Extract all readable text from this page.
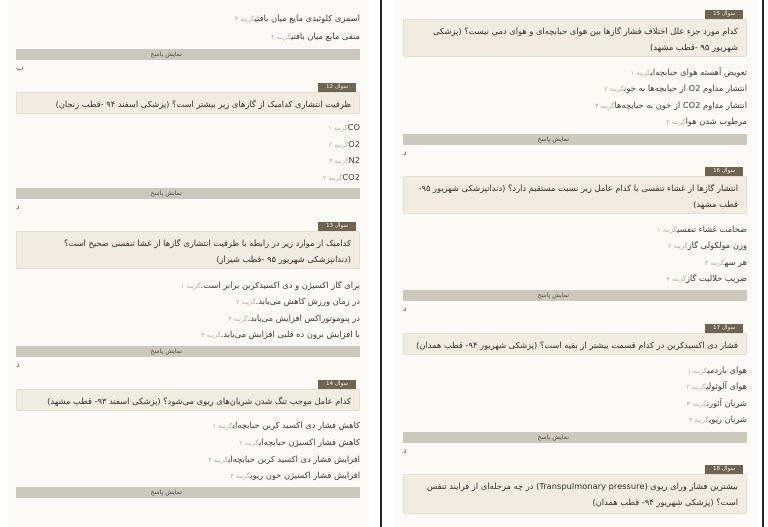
اسمزی کلوئیدی مایع میان بافتیگزینه ۳
منفی مایع میان بافتیگزینه ۴
نمایش پاسخ
ب
سوال 12
ظرفیت انتشاری کدامیک از گازهای زیر بیشتر است؟ (پزشکی اسفند ۹۴ -قطب زنجان)
COگزینه ۱
O2گزینه ۲
N2گزینه ۳
CO2گزینه ۴
نمایش پاسخ
د
سوال 13
کدامیک از موارد زیر در رابطه با ظرفیت انتشاری گازها از غشا تنفسی صحیح است؟ (دندانپزشکی شهریور ۹۵ -قطب شیراز)
برای گاز اکسیژن و دی اکسیدکربن برابر است.گزینه ۱
در زمان ورزش کاهش می‌یابد.گزینه ۲
در پنوموتوراکس افزایش می‌یابد.گزینه ۳
با افزایش برون ده قلبی افزایش می‌یابد.گزینه ۴
نمایش پاسخ
د
سوال 14
کدام عامل موجب تنگ شدن شریان‌های ریوی می‌شود؟ (پزشکی اسفند ۹۳- قطب مشهد)
کاهش فشار دی اکسید کربن حبابچه‌ایگزینه ۱
کاهش فشار اکسیژن حبابچه‌ایگزینه ۲
افزایش فشار دی اکسید کربن حبابچه‌ایگزینه ۳
افزایش فشار اکسیژن خون ریویگزینه ۴
نمایش پاسخ
سوال 15
کدام مورد جزء علل اختلاف فشار گازها بین هوای حبابچه‌ای و هوای دمی نیست؟ (پزشکی شهریور ۹۵ -قطب مشهد)
تعویض آهسته هوای حبابچه‌ایگزینه ۱
انتشار مداوم O2 از حبابچه‌ها به خونگزینه ۲
انتشار مداوم CO2 از خون به حبابچه‌هاگزینه ۳
مرطوب شدن هواگزینه ۴
نمایش پاسخ
د
سوال 16
انتشار گازها از غشاء تنفسی با کدام عامل زیر نسبت مستقیم دارد؟ (دندانپزشکی شهریور ۹۵- قطب مشهد)
ضخامت غشاء تنفسیگزینه ۱
وزن مولکولی گازگزینه ۲
هر سهگزینه ۳
ضریب حلالیت گازگزینه ۴
نمایش پاسخ
د
سوال 17
فشار دی اکسیدکربن در کدام قسمت بیشتر از بقیه است؟ (پزشکی شهریور ۹۴- قطب همدان)
هوای بازدمیگزینه ۱
هوای آلوئولیگزینه ۲
شریان آئورتگزینه ۳
شریان ریویگزینه ۴
نمایش پاسخ
د
سوال 18
بیشترین فشار ورای ریوی (Transpulmonary pressure) در چه مرحله‌ای از فرایند تنفس است؟ (پزشکی شهریور ۹۴- قطب همدان)
